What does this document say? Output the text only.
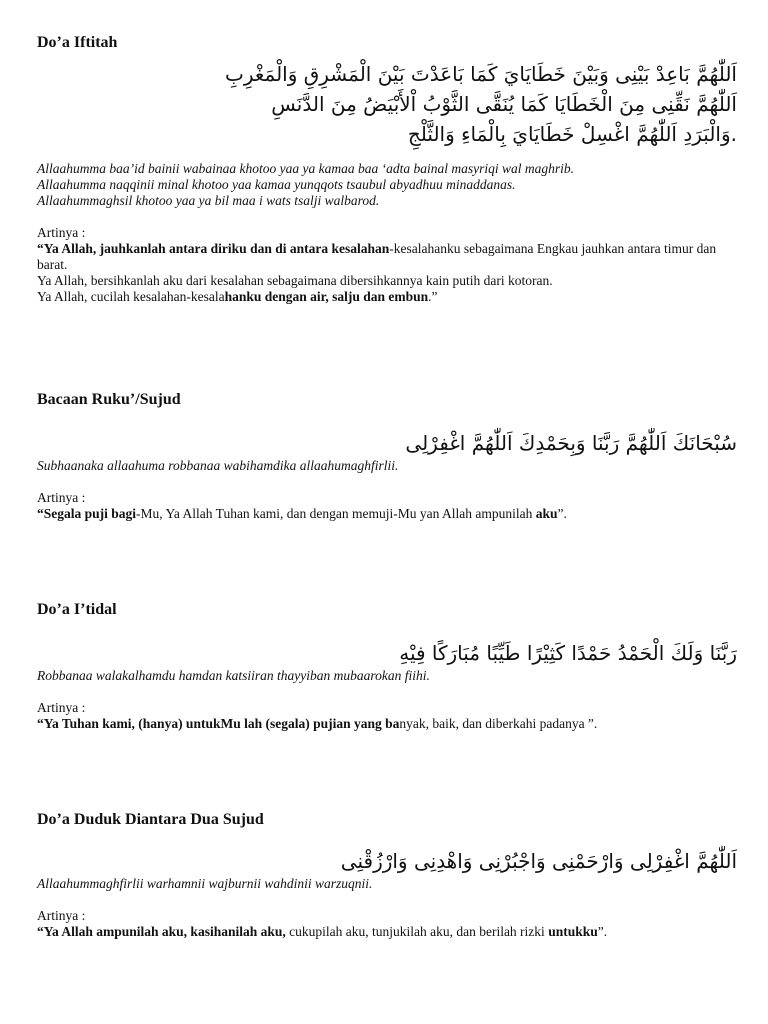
Do’a Iftitah

اَللّٰهُمَّ بَاعِدْ بَيْنِى وَبَيْنَ خَطَايَايَ كَمَا بَاعَدْتَ بَيْنَ الْمَشْرِقِ وَالْمَغْرِبِ

اَللّٰهُمَّ نَقِّنِى مِنَ الْخَطَايَا كَمَا يُنَقَّى الثَّوْبُ اْلأَبْيَضُ مِنَ الدَّنَسِ

.وَالْبَرَدِ اَللّٰهُمَّ اغْسِلْ خَطَايَايَ بِالْمَاءِ وَالثَّلْجِ

Allaahumma baa’id bainii wabainaa khotoo yaa ya kamaa baa ‘adta bainal masyriqi wal maghrib.

Allaahumma naqqinii minal khotoo yaa kamaa yunqqots tsaubul abyadhuu minaddanas.

Allaahummaghsil khotoo yaa ya bil maa i wats tsalji walbarod.

Artinya :

“Ya Allah, jauhkanlah antara diriku dan di antara kesalahan-kesalahanku sebagaimana Engkau jauhkan antara timur dan barat.

Ya Allah, bersihkanlah aku dari kesalahan sebagaimana dibersihkannya kain putih dari kotoran.

Ya Allah, cucilah kesalahan-kesalahanku dengan air, salju dan embun.”

Bacaan Ruku’/Sujud

سُبْحَانَكَ اَللّٰهُمَّ رَبَّنَا وَبِحَمْدِكَ اَللّٰهُمَّ اغْفِرْلِى

Subhaanaka allaahuma robbanaa wabihamdika allaahumaghfirlii.

Artinya :

“Segala puji bagi-Mu, Ya Allah Tuhan kami, dan dengan memuji-Mu yan Allah ampunilah aku”.

Do’a I’tidal

رَبَّنَا وَلَكَ الْحَمْدُ حَمْدًا كَثِيْرًا طَيِّبًا مُبَارَكًا فِيْهِ

Robbanaa walakalhamdu hamdan katsiiran thayyiban mubaarokan fiihi.

Artinya :

“Ya Tuhan kami, (hanya) untukMu lah (segala) pujian yang banyak, baik, dan diberkahi padanya ”.

Do’a Duduk Diantara Dua Sujud

اَللّٰهُمَّ اغْفِرْلِى وَارْحَمْنِى وَاجْبُرْنِى وَاهْدِنِى وَارْزُقْنِى

Allaahummaghfirlii warhamnii wajburnii wahdinii warzuqnii.

Artinya :

“Ya Allah ampunilah aku, kasihanilah aku, cukupilah aku, tunjukilah aku, dan berilah rizki untukku”.
